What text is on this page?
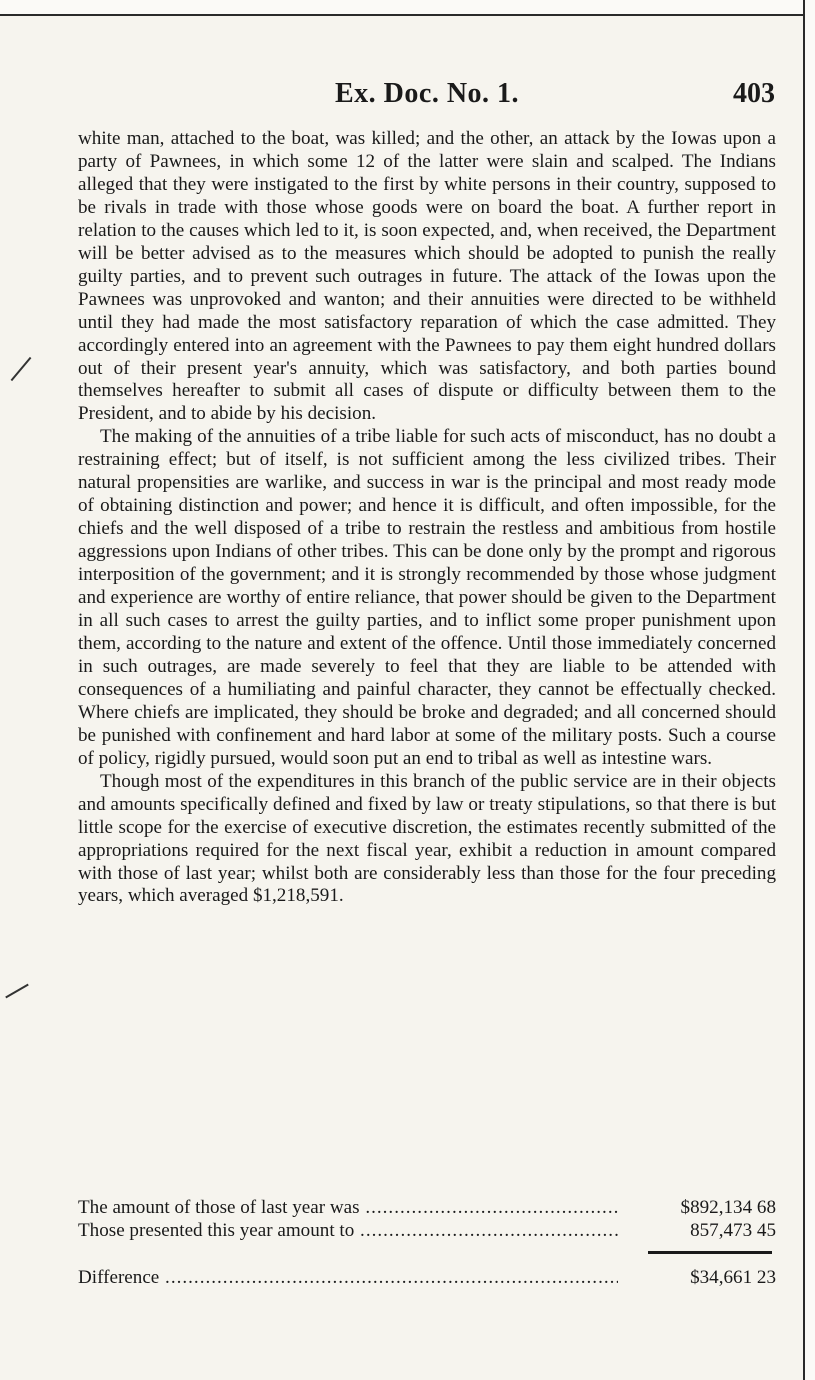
Ex. Doc. No. 1.	403

white man, attached to the boat, was killed; and the other, an attack by the Iowas upon a party of Pawnees, in which some 12 of the latter were slain and scalped. The Indians alleged that they were instigated to the first by white persons in their country, supposed to be rivals in trade with those whose goods were on board the boat. A further report in relation to the causes which led to it, is soon expected, and, when received, the Department will be better advised as to the measures which should be adopted to punish the really guilty parties, and to prevent such outrages in future. The attack of the Iowas upon the Pawnees was unprovoked and wanton; and their annuities were directed to be withheld until they had made the most satisfactory reparation of which the case admitted. They accordingly entered into an agreement with the Pawnees to pay them eight hundred dollars out of their present year's annuity, which was satisfactory, and both parties bound themselves hereafter to submit all cases of dispute or difficulty between them to the President, and to abide by his decision.

The making of the annuities of a tribe liable for such acts of misconduct, has no doubt a restraining effect; but of itself, is not sufficient among the less civilized tribes. Their natural propensities are warlike, and success in war is the principal and most ready mode of obtaining distinction and power; and hence it is difficult, and often impossible, for the chiefs and the well disposed of a tribe to restrain the restless and ambitious from hostile aggressions upon Indians of other tribes. This can be done only by the prompt and rigorous interposition of the government; and it is strongly recommended by those whose judgment and experience are worthy of entire reliance, that power should be given to the Department in all such cases to arrest the guilty parties, and to inflict some proper punishment upon them, according to the nature and extent of the offence. Until those immediately concerned in such outrages, are made severely to feel that they are liable to be attended with consequences of a humiliating and painful character, they cannot be effectually checked. Where chiefs are implicated, they should be broke and degraded; and all concerned should be punished with confinement and hard labor at some of the military posts. Such a course of policy, rigidly pursued, would soon put an end to tribal as well as intestine wars.

Though most of the expenditures in this branch of the public service are in their objects and amounts specifically defined and fixed by law or treaty stipulations, so that there is but little scope for the exercise of executive discretion, the estimates recently submitted of the appropriations required for the next fiscal year, exhibit a reduction in amount compared with those of last year; whilst both are considerably less than those for the four preceding years, which averaged $1,218,591.

The amount of those of last year was .....	$892,134 68
Those presented this year amount to .....	857,473 45
Difference .....	$34,661 23
